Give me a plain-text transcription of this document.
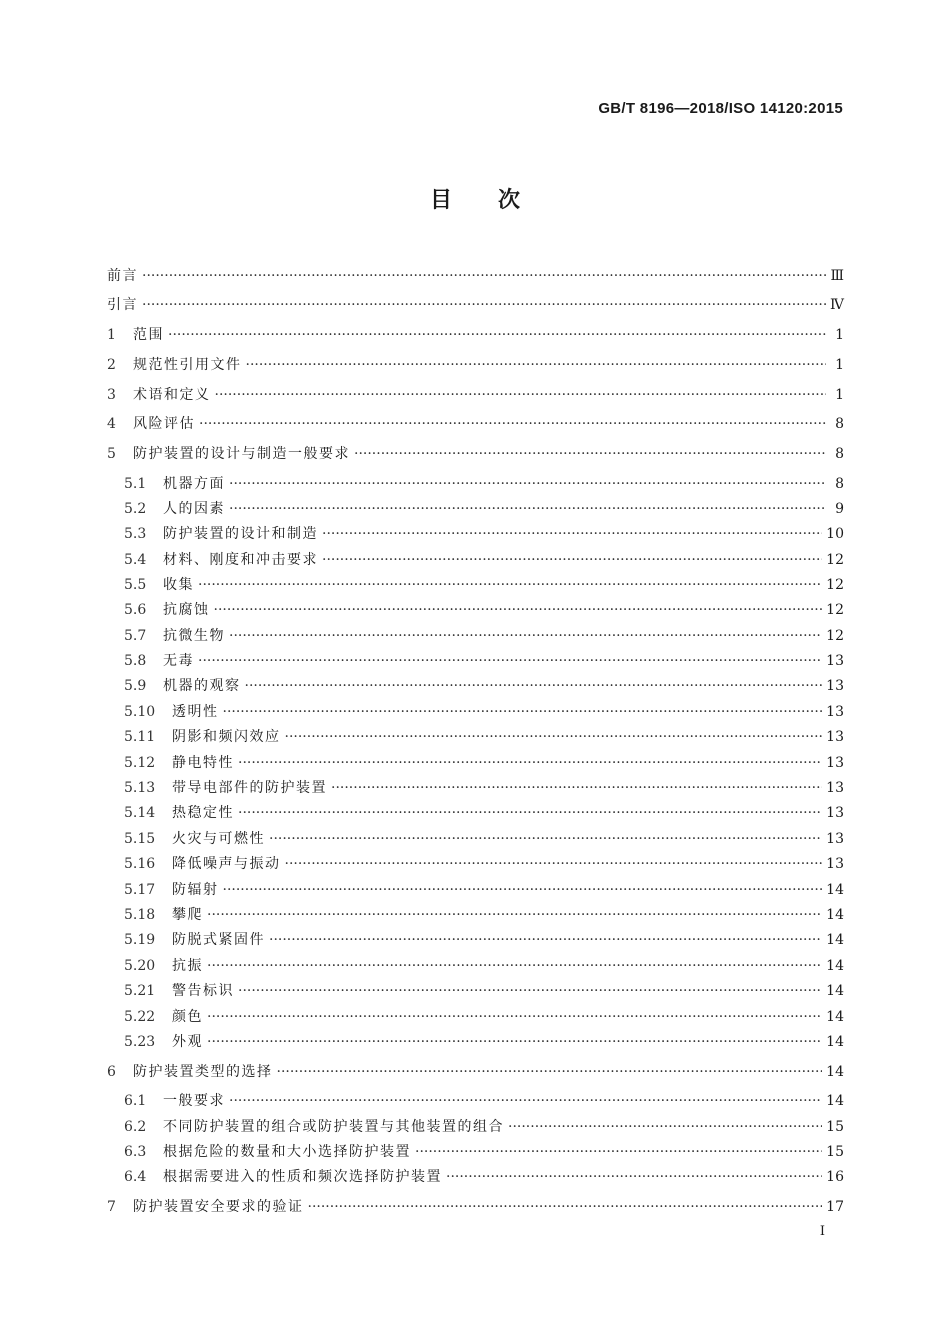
GB/T 8196—2018/ISO 14120:2015
目次
前言 ·····	Ⅲ
引言 ·····	Ⅳ
1	范围 ·····	1
2	规范性引用文件 ·····	1
3	术语和定义 ·····	1
4	风险评估 ·····	8
5	防护装置的设计与制造一般要求 ·····	8
5.1	机器方面 ·····	8
5.2	人的因素 ·····	9
5.3	防护装置的设计和制造 ·····	10
5.4	材料、刚度和冲击要求 ·····	12
5.5	收集 ·····	12
5.6	抗腐蚀 ·····	12
5.7	抗微生物 ·····	12
5.8	无毒 ·····	13
5.9	机器的观察 ·····	13
5.10	透明性 ·····	13
5.11	阴影和频闪效应 ·····	13
5.12	静电特性 ·····	13
5.13	带导电部件的防护装置 ·····	13
5.14	热稳定性 ·····	13
5.15	火灾与可燃性 ·····	13
5.16	降低噪声与振动 ·····	13
5.17	防辐射 ·····	14
5.18	攀爬 ·····	14
5.19	防脱式紧固件 ·····	14
5.20	抗振 ·····	14
5.21	警告标识 ·····	14
5.22	颜色 ·····	14
5.23	外观 ·····	14
6	防护装置类型的选择 ·····	14
6.1	一般要求 ·····	14
6.2	不同防护装置的组合或防护装置与其他装置的组合 ·····	15
6.3	根据危险的数量和大小选择防护装置 ·····	15
6.4	根据需要进入的性质和频次选择防护装置 ·····	16
7	防护装置安全要求的验证 ·····	17
Ⅰ
